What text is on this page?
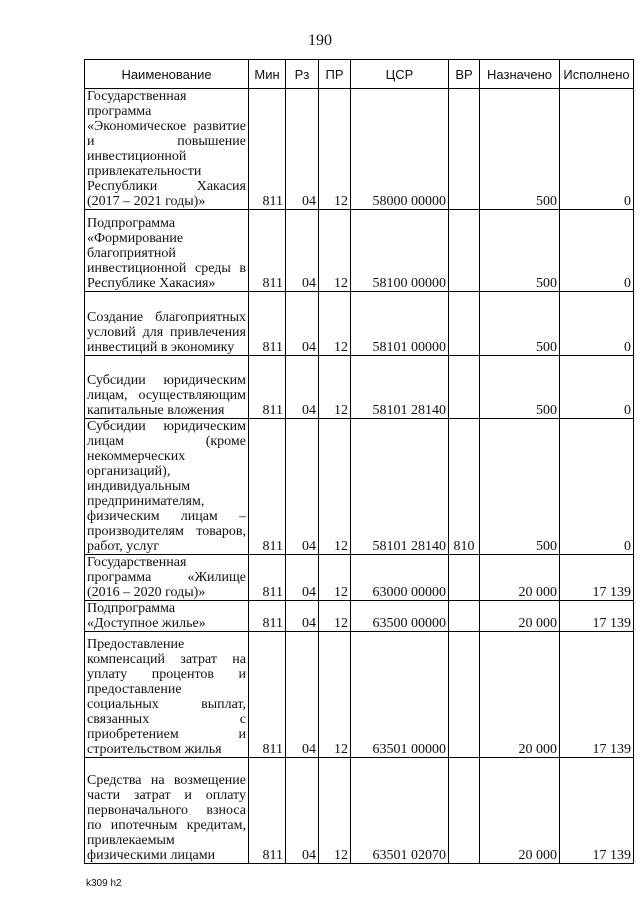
190
Наименование	Мин	Рз	ПР	ЦСР	ВР	Назначено	Исполнено
Государственная программа «Экономическое развитие и повышение инвестиционной привлекательности Республики Хакасия (2017 – 2021 годы)»	811	04	12	58000 00000		500	0
Подпрограмма «Формирование благоприятной инвестиционной среды в Республике Хакасия»	811	04	12	58100 00000		500	0
Создание благоприятных условий для привлечения инвестиций в экономику	811	04	12	58101 00000		500	0
Субсидии юридическим лицам, осуществляющим капитальные вложения	811	04	12	58101 28140		500	0
Субсидии юридическим лицам (кроме некоммерческих организаций), индивидуальным предпринимателям, физическим лицам – производителям товаров, работ, услуг	811	04	12	58101 28140	810	500	0
Государственная программа «Жилище (2016 – 2020 годы)»	811	04	12	63000 00000		20 000	17 139
Подпрограмма «Доступное жилье»	811	04	12	63500 00000		20 000	17 139
Предоставление компенсаций затрат на уплату процентов и предоставление социальных выплат, связанных с приобретением и строительством жилья	811	04	12	63501 00000		20 000	17 139
Средства на возмещение части затрат и оплату первоначального взноса по ипотечным кредитам, привлекаемым физическими лицами	811	04	12	63501 02070		20 000	17 139
k309 h2
